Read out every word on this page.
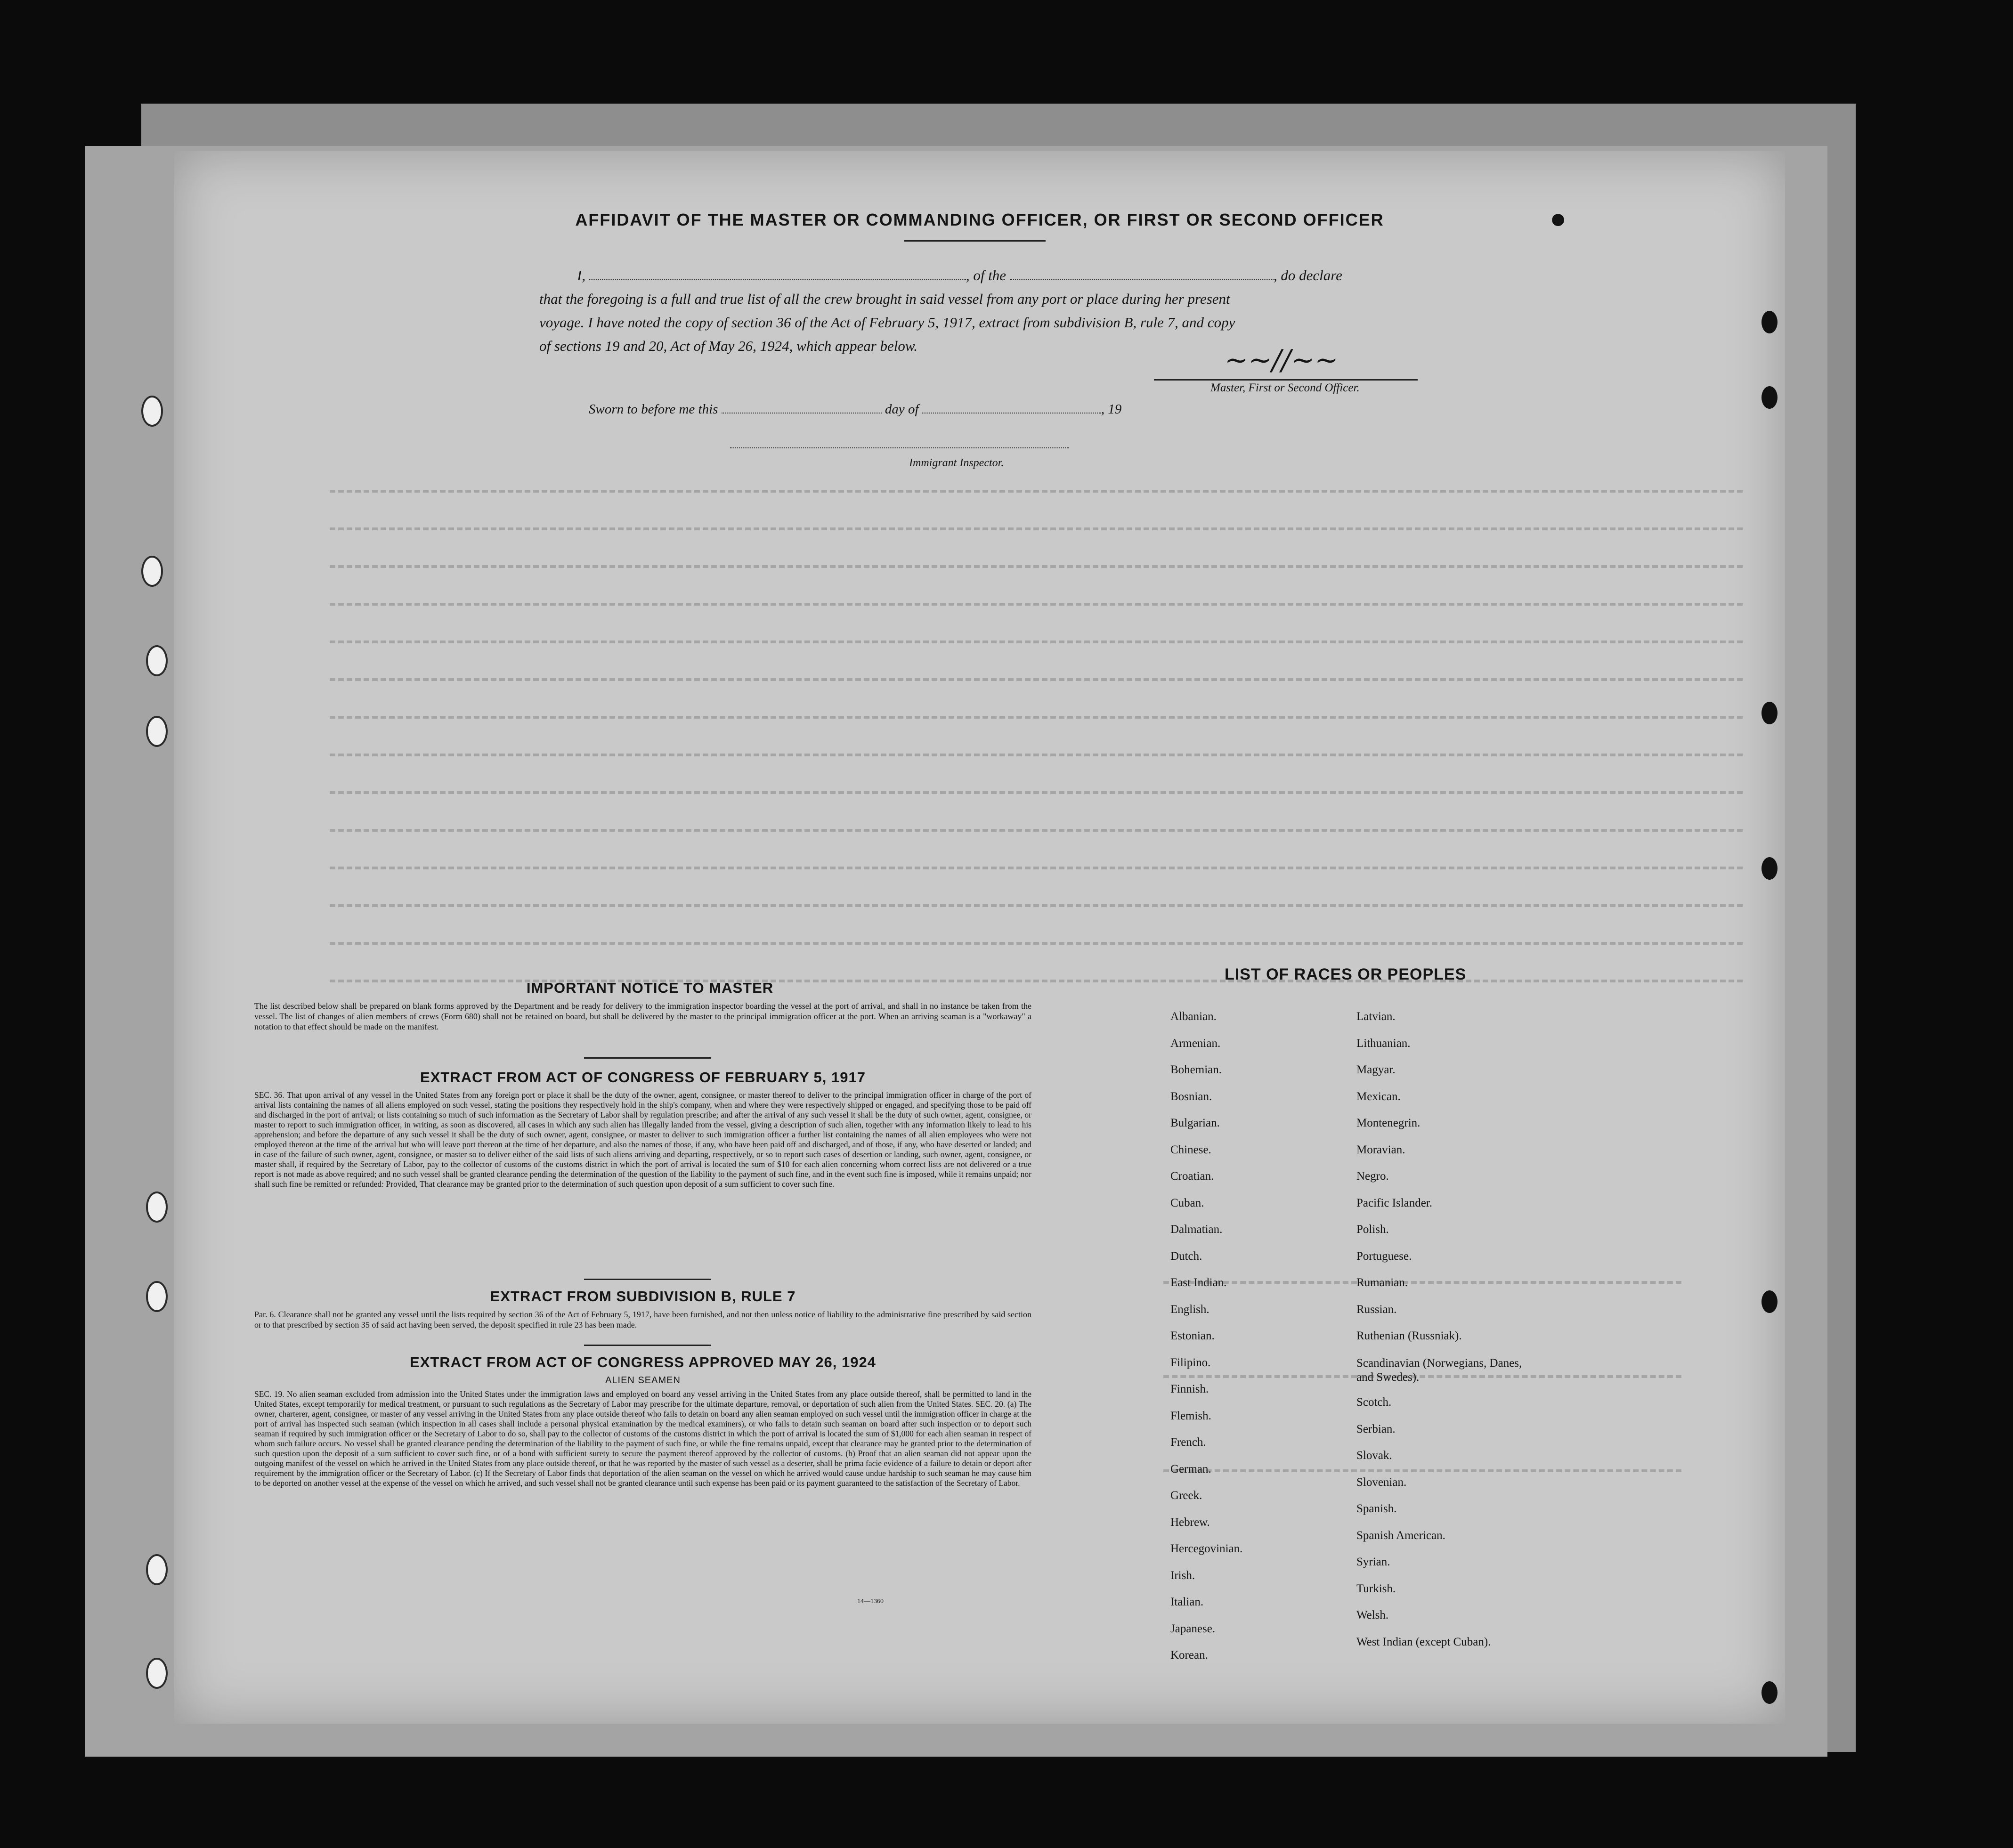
●
AFFIDAVIT OF THE MASTER OR COMMANDING OFFICER, OR FIRST OR SECOND OFFICER
I,	, of the	, do declare
that the foregoing is a full and true list of all the crew brought in said vessel from any port or place during her present
voyage. I have noted the copy of section 36 of the Act of February 5, 1917, extract from subdivision B, rule 7, and copy
of sections 19 and 20, Act of May 26, 1924, which appear below.	~~∕∕~~
Master, First or Second Officer.
Sworn to before me this	day of	, 19
Immigrant Inspector.
IMPORTANT NOTICE TO MASTER
The list described below shall be prepared on blank forms approved by the Department and be ready for delivery to the immigration inspector boarding the vessel at the port of arrival, and shall in no instance be taken from the vessel. The list of changes of alien members of crews (Form 680) shall not be retained on board, but shall be delivered by the master to the principal immigration officer at the port. When an arriving seaman is a "workaway" a notation to that effect should be made on the manifest.
EXTRACT FROM ACT OF CONGRESS OF FEBRUARY 5, 1917
SEC. 36. That upon arrival of any vessel in the United States from any foreign port or place it shall be the duty of the owner, agent, consignee, or master thereof to deliver to the principal immigration officer in charge of the port of arrival lists containing the names of all aliens employed on such vessel, stating the positions they respectively hold in the ship's company, when and where they were respectively shipped or engaged, and specifying those to be paid off and discharged in the port of arrival; or lists containing so much of such information as the Secretary of Labor shall by regulation prescribe; and after the arrival of any such vessel it shall be the duty of such owner, agent, consignee, or master to report to such immigration officer, in writing, as soon as discovered, all cases in which any such alien has illegally landed from the vessel, giving a description of such alien, together with any information likely to lead to his apprehension; and before the departure of any such vessel it shall be the duty of such owner, agent, consignee, or master to deliver to such immigration officer a further list containing the names of all alien employees who were not employed thereon at the time of the arrival but who will leave port thereon at the time of her departure, and also the names of those, if any, who have been paid off and discharged, and of those, if any, who have deserted or landed; and in case of the failure of such owner, agent, consignee, or master so to deliver either of the said lists of such aliens arriving and departing, respectively, or so to report such cases of desertion or landing, such owner, agent, consignee, or master shall, if required by the Secretary of Labor, pay to the collector of customs of the customs district in which the port of arrival is located the sum of $10 for each alien concerning whom correct lists are not delivered or a true report is not made as above required; and no such vessel shall be granted clearance pending the determination of the question of the liability to the payment of such fine, and in the event such fine is imposed, while it remains unpaid; nor shall such fine be remitted or refunded: Provided, That clearance may be granted prior to the determination of such question upon deposit of a sum sufficient to cover such fine.
EXTRACT FROM SUBDIVISION B, RULE 7
Par. 6. Clearance shall not be granted any vessel until the lists required by section 36 of the Act of February 5, 1917, have been furnished, and not then unless notice of liability to the administrative fine prescribed by said section or to that prescribed by section 35 of said act having been served, the deposit specified in rule 23 has been made.
EXTRACT FROM ACT OF CONGRESS APPROVED MAY 26, 1924
ALIEN SEAMEN
SEC. 19. No alien seaman excluded from admission into the United States under the immigration laws and employed on board any vessel arriving in the United States from any place outside thereof, shall be permitted to land in the United States, except temporarily for medical treatment, or pursuant to such regulations as the Secretary of Labor may prescribe for the ultimate departure, removal, or deportation of such alien from the United States. SEC. 20. (a) The owner, charterer, agent, consignee, or master of any vessel arriving in the United States from any place outside thereof who fails to detain on board any alien seaman employed on such vessel until the immigration officer in charge at the port of arrival has inspected such seaman (which inspection in all cases shall include a personal physical examination by the medical examiners), or who fails to detain such seaman on board after such inspection or to deport such seaman if required by such immigration officer or the Secretary of Labor to do so, shall pay to the collector of customs of the customs district in which the port of arrival is located the sum of $1,000 for each alien seaman in respect of whom such failure occurs. No vessel shall be granted clearance pending the determination of the liability to the payment of such fine, or while the fine remains unpaid, except that clearance may be granted prior to the determination of such question upon the deposit of a sum sufficient to cover such fine, or of a bond with sufficient surety to secure the payment thereof approved by the collector of customs. (b) Proof that an alien seaman did not appear upon the outgoing manifest of the vessel on which he arrived in the United States from any place outside thereof, or that he was reported by the master of such vessel as a deserter, shall be prima facie evidence of a failure to detain or deport after requirement by the immigration officer or the Secretary of Labor. (c) If the Secretary of Labor finds that deportation of the alien seaman on the vessel on which he arrived would cause undue hardship to such seaman he may cause him to be deported on another vessel at the expense of the vessel on which he arrived, and such vessel shall not be granted clearance until such expense has been paid or its payment guaranteed to the satisfaction of the Secretary of Labor.
14—1360
LIST OF RACES OR PEOPLES
Albanian.
Armenian.
Bohemian.
Bosnian.
Bulgarian.
Chinese.
Croatian.
Cuban.
Dalmatian.
Dutch.
East Indian.
English.
Estonian.
Filipino.
Finnish.
Flemish.
French.
German.
Greek.
Hebrew.
Hercegovinian.
Irish.
Italian.
Japanese.
Korean.
Latvian.
Lithuanian.
Magyar.
Mexican.
Montenegrin.
Moravian.
Negro.
Pacific Islander.
Polish.
Portuguese.
Rumanian.
Russian.
Ruthenian (Russniak).
Scandinavian (Norwegians, Danes, and Swedes).
Scotch.
Serbian.
Slovak.
Slovenian.
Spanish.
Spanish American.
Syrian.
Turkish.
Welsh.
West Indian (except Cuban).
